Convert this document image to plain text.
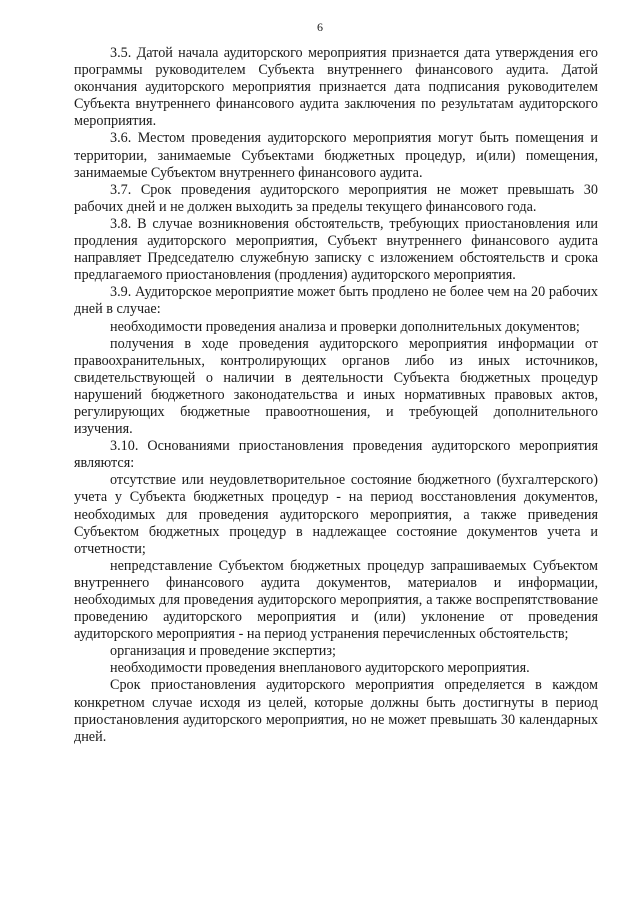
6

3.5. Датой начала аудиторского мероприятия признается дата утверждения его программы руководителем Субъекта внутреннего финансового аудита. Датой окончания аудиторского мероприятия признается дата подписания руководителем Субъекта внутреннего финансового аудита заключения по результатам аудиторского мероприятия.

3.6. Местом проведения аудиторского мероприятия могут быть помещения и территории, занимаемые Субъектами бюджетных процедур, и(или) помещения, занимаемые Субъектом внутреннего финансового аудита.

3.7. Срок проведения аудиторского мероприятия не может превышать 30 рабочих дней и не должен выходить за пределы текущего финансового года.

3.8. В случае возникновения обстоятельств, требующих приостановления или продления аудиторского мероприятия, Субъект внутреннего финансового аудита направляет Председателю служебную записку с изложением обстоятельств и срока предлагаемого приостановления (продления) аудиторского мероприятия.

3.9. Аудиторское мероприятие может быть продлено не более чем на 20 рабочих дней в случае:

необходимости проведения анализа и проверки дополнительных документов;

получения в ходе проведения аудиторского мероприятия информации от правоохранительных, контролирующих органов либо из иных источников, свидетельствующей о наличии в деятельности Субъекта бюджетных процедур нарушений бюджетного законодательства и иных нормативных правовых актов, регулирующих бюджетные правоотношения, и требующей дополнительного изучения.

3.10. Основаниями приостановления проведения аудиторского мероприятия являются:

отсутствие или неудовлетворительное состояние бюджетного (бухгалтерского) учета у Субъекта бюджетных процедур - на период восстановления документов, необходимых для проведения аудиторского мероприятия, а также приведения Субъектом бюджетных процедур в надлежащее состояние документов учета и отчетности;

непредставление Субъектом бюджетных процедур запрашиваемых Субъектом внутреннего финансового аудита документов, материалов и информации, необходимых для проведения аудиторского мероприятия, а также воспрепятствование проведению аудиторского мероприятия и (или) уклонение от проведения аудиторского мероприятия - на период устранения перечисленных обстоятельств;

организация и проведение экспертиз;

необходимости проведения внепланового аудиторского мероприятия.

Срок приостановления аудиторского мероприятия определяется в каждом конкретном случае исходя из целей, которые должны быть достигнуты в период приостановления аудиторского мероприятия, но не может превышать 30 календарных дней.
